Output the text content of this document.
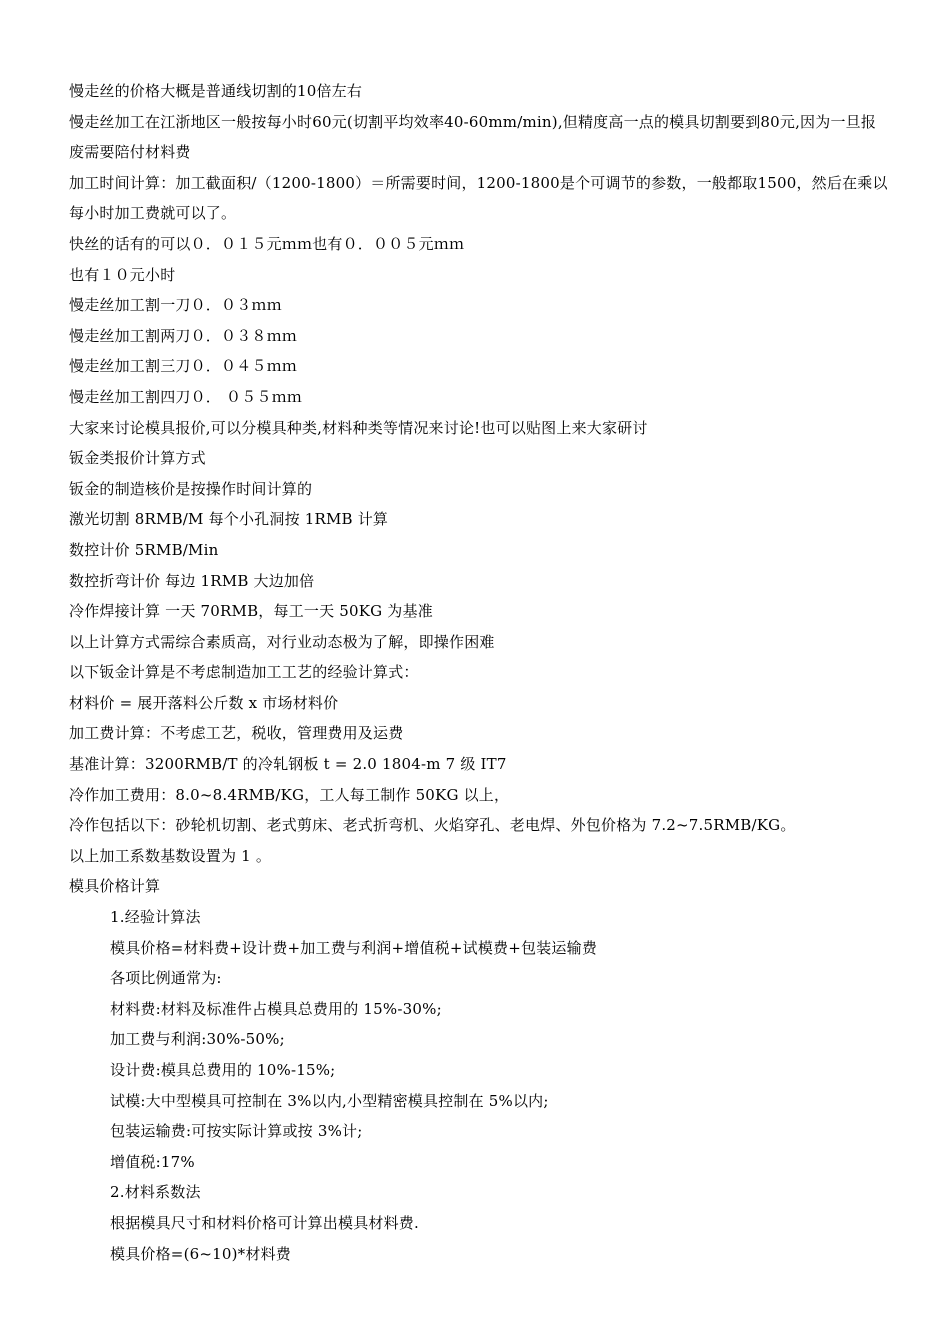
慢走丝的价格大概是普通线切割的10倍左右
慢走丝加工在江浙地区一般按每小时60元(切割平均效率40-60mm/min),但精度高一点的模具切割要到80元,因为一旦报废需要陪付材料费
加工时间计算：加工截面积/（1200-1800）＝所需要时间，1200-1800是个可调节的参数，一般都取1500，然后在乘以每小时加工费就可以了。
快丝的话有的可以０．０１５元ｍｍ也有０．００５元ｍｍ
也有１０元小时
慢走丝加工割一刀０．０３ｍｍ
慢走丝加工割两刀０．０３８ｍｍ
慢走丝加工割三刀０．０４５ｍｍ
慢走丝加工割四刀０． ０５５ｍｍ
大家来讨论模具报价,可以分模具种类,材料种类等情况来讨论!也可以贴图上来大家研讨
钣金类报价计算方式
钣金的制造核价是按操作时间计算的
激光切割 8RMB/M 每个小孔洞按 1RMB 计算
数控计价 5RMB/Min
数控折弯计价 每边 1RMB 大边加倍
冷作焊接计算 一天 70RMB，每工一天 50KG 为基准
以上计算方式需综合素质高，对行业动态极为了解，即操作困难
以下钣金计算是不考虑制造加工工艺的经验计算式：
材料价 = 展开落料公斤数 x 市场材料价
加工费计算：不考虑工艺，税收，管理费用及运费
基准计算：3200RMB/T 的冷轧钢板 t = 2.0 1804-m 7 级 IT7
冷作加工费用：8.0~8.4RMB/KG，工人每工制作 50KG 以上，
冷作包括以下：砂轮机切割、老式剪床、老式折弯机、火焰穿孔、老电焊、外包价格为 7.2~7.5RMB/KG。
以上加工系数基数设置为 1 。
模具价格计算
1.经验计算法
模具价格=材料费+设计费+加工费与利润+增值税+试模费+包装运输费
各项比例通常为:
材料费:材料及标准件占模具总费用的 15%-30%;
加工费与利润:30%-50%;
设计费:模具总费用的 10%-15%;
试模:大中型模具可控制在 3%以内,小型精密模具控制在 5%以内;
包装运输费:可按实际计算或按 3%计;
增值税:17%
2.材料系数法
根据模具尺寸和材料价格可计算出模具材料费.
模具价格=(6~10)*材料费
